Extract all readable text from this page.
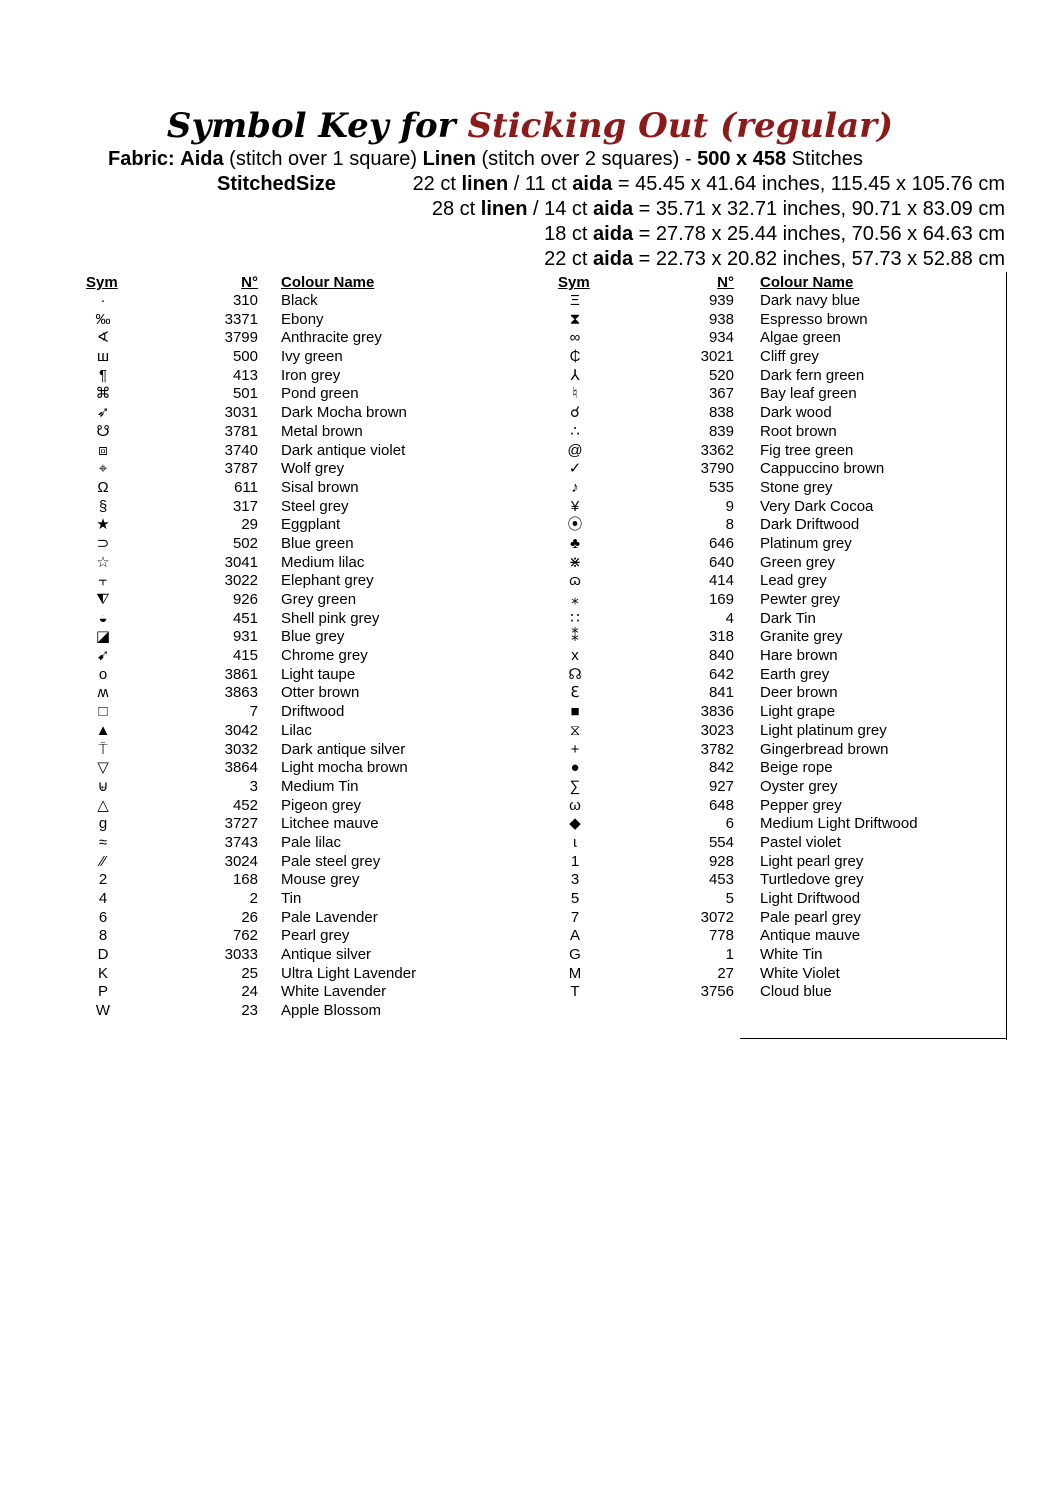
Symbol Key for Sticking Out (regular)
Fabric: Aida (stitch over 1 square) Linen (stitch over 2 squares) - 500 x 458 Stitches
StitchedSize	22 ct linen / 11 ct aida = 45.45 x 41.64 inches, 115.45 x 105.76 cm
28 ct linen / 14 ct aida = 35.71 x 32.71 inches, 90.71 x 83.09 cm
18 ct aida = 27.78 x 25.44 inches, 70.56 x 64.63 cm
22 ct aida = 22.73 x 20.82 inches, 57.73 x 52.88 cm
Sym	N° Colour Name	Sym	N° Colour Name
·	310 Black
‰	3371 Ebony
∢	3799 Anthracite grey
ш	500 Ivy green
¶	413 Iron grey
⌘	501 Pond green
➶	3031 Dark Mocha brown
☋	3781 Metal brown
⧈	3740 Dark antique violet
⌖	3787 Wolf grey
Ω	611 Sisal brown
§	317 Steel grey
★	29 Eggplant
⊃	502 Blue green
☆	3041 Medium lilac
⫟	3022 Elephant grey
⧨	926 Grey green
◒	451 Shell pink grey
◪	931 Blue grey
➹	415 Chrome grey
o	3861 Light taupe
ʍ	3863 Otter brown
□	7 Driftwood
▲	3042 Lilac
⍑	3032 Dark antique silver
▽	3864 Light mocha brown
⊌	3 Medium Tin
△	452 Pigeon grey
g	3727 Litchee mauve
≈	3743 Pale lilac
⁄⁄	3024 Pale steel grey
2	168 Mouse grey
4	2 Tin
6	26 Pale Lavender
8	762 Pearl grey
D	3033 Antique silver
K	25 Ultra Light Lavender
P	24 White Lavender
W	23 Apple Blossom
Ξ	939 Dark navy blue
⧗	938 Espresso brown
∞	934 Algae green
₵	3021 Cliff grey
⅄	520 Dark fern green
♮	367 Bay leaf green
☌	838 Dark wood
∴	839 Root brown
@	3362 Fig tree green
✓	3790 Cappuccino brown
♪	535 Stone grey
¥	9 Very Dark Cocoa
⦿	8 Dark Driftwood
♣	646 Platinum grey
⋇	640 Green grey
ɷ	414 Lead grey
⁎	169 Pewter grey
∷	4 Dark Tin
⁑	318 Granite grey
x	840 Hare brown
☊	642 Earth grey
ℇ	841 Deer brown
■	3836 Light grape
⧖	3023 Light platinum grey
+	3782 Gingerbread brown
●	842 Beige rope
∑	927 Oyster grey
ω	648 Pepper grey
◆	6 Medium Light Driftwood
ɩ	554 Pastel violet
1	928 Light pearl grey
3	453 Turtledove grey
5	5 Light Driftwood
7	3072 Pale pearl grey
A	778 Antique mauve
G	1 White Tin
M	27 White Violet
T	3756 Cloud blue
